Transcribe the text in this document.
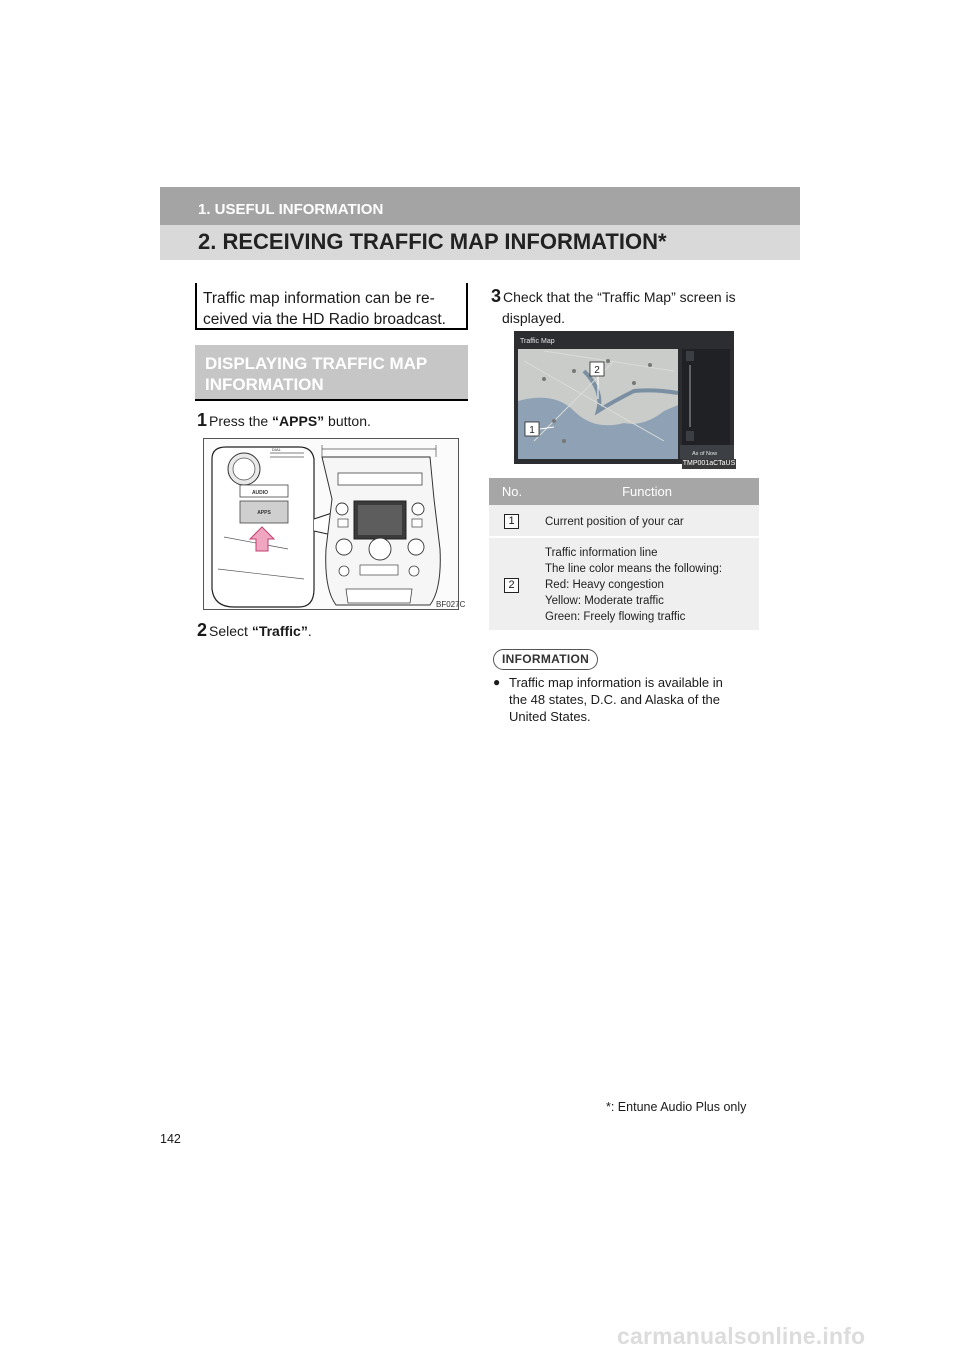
1. USEFUL INFORMATION
2. RECEIVING TRAFFIC MAP INFORMATION*
Traffic map information can be re-
ceived via the HD Radio broadcast.
DISPLAYING TRAFFIC MAP
INFORMATION
1 Press the “APPS” button.
AUDIO
APPS
DIAL
BF027C
2 Select “Traffic”.
3 Check that the “Traffic Map” screen is
displayed.
Traffic Map
As of Now
2
1
TMP001aCTaUS
No.	Function
1	Current position of your car
2
Traffic information line
The line color means the following:
Red: Heavy congestion
Yellow: Moderate traffic
Green: Freely flowing traffic
INFORMATION
● Traffic map information is available in
the 48 states, D.C. and Alaska of the
United States.
*: Entune Audio Plus only
142
carmanualsonline.info
